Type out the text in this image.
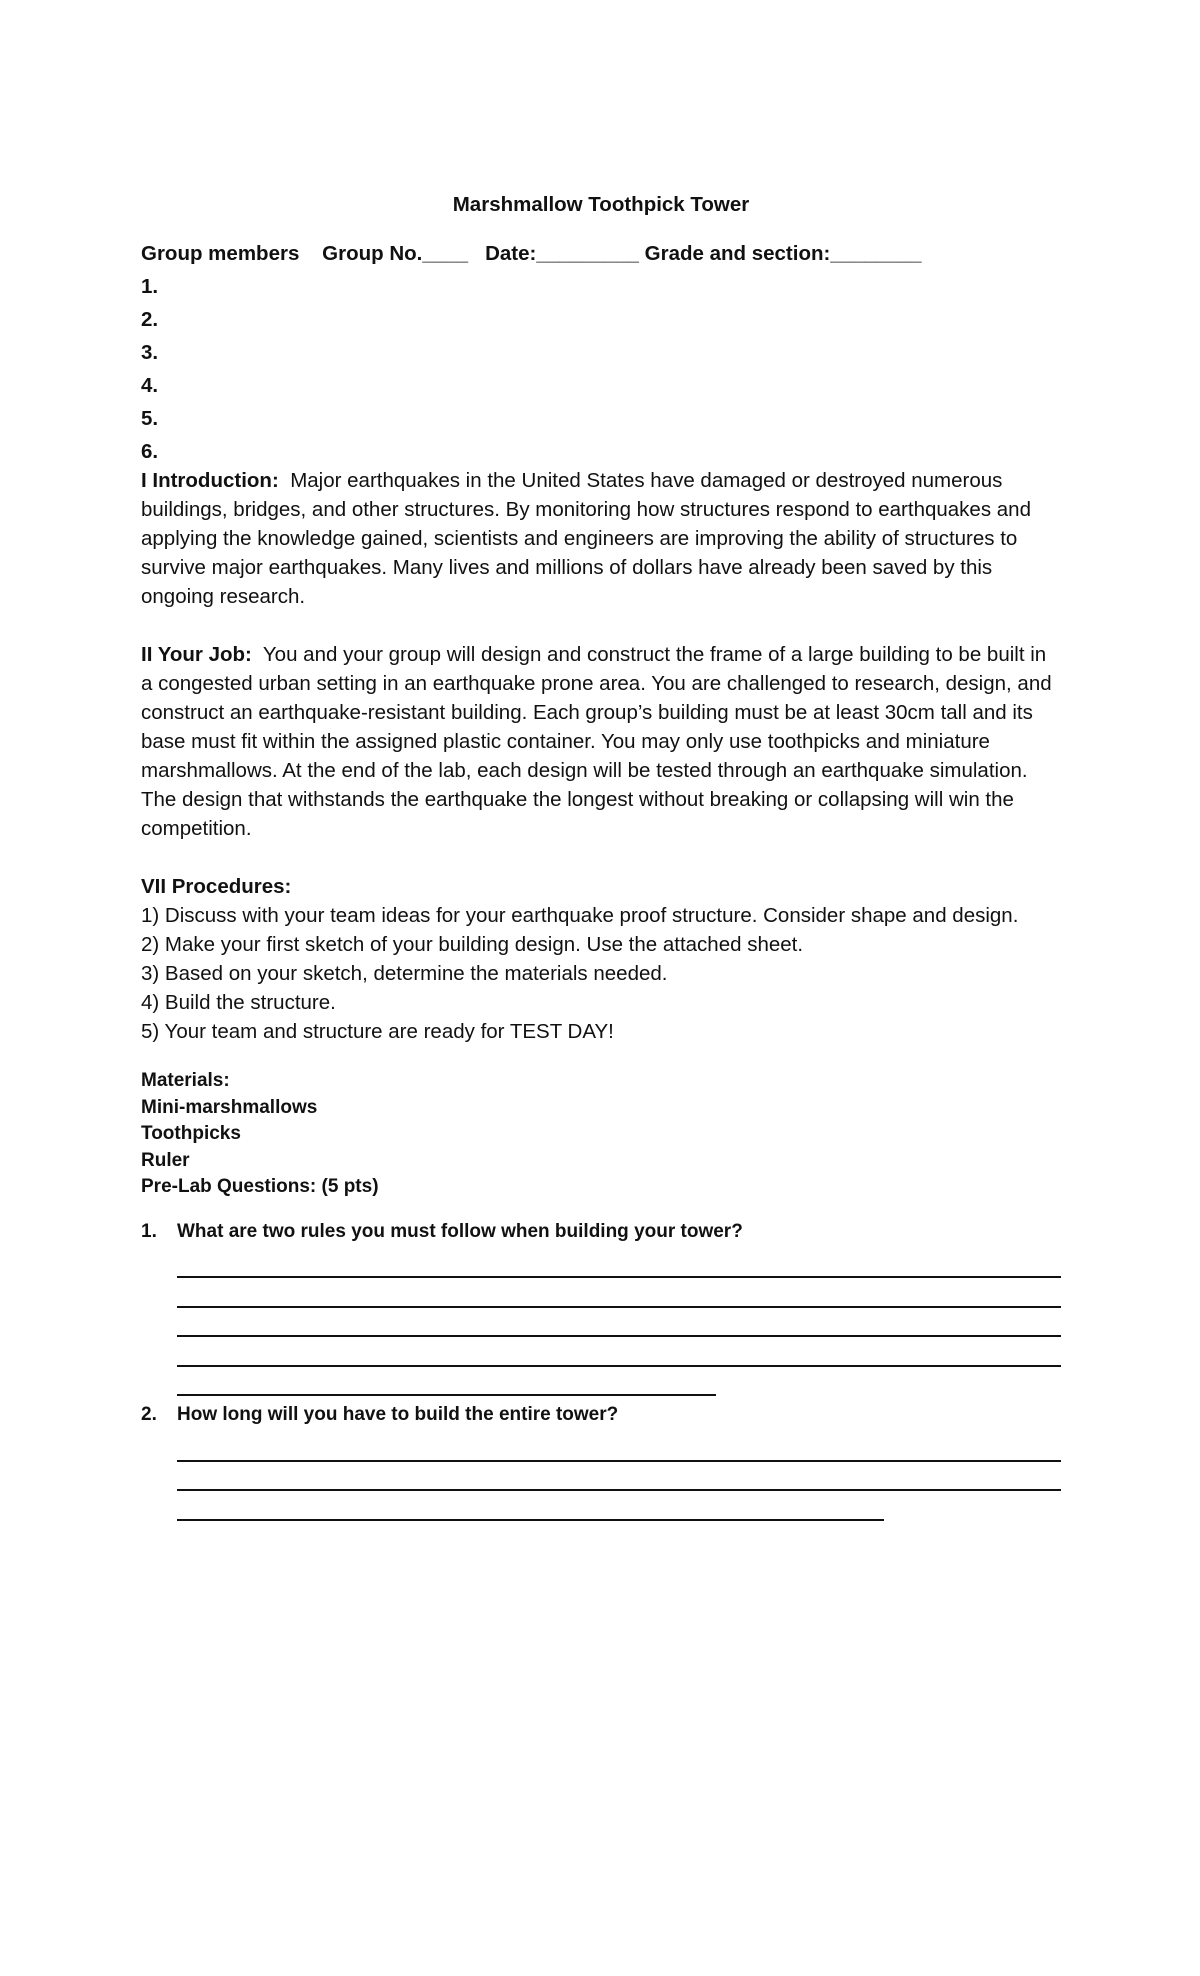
Marshmallow Toothpick Tower
Group members Group No.____ Date:_________ Grade and section:________
1.
2.
3.
4.
5.
6.

I Introduction: Major earthquakes in the United States have damaged or destroyed numerous buildings, bridges, and other structures. By monitoring how structures respond to earthquakes and applying the knowledge gained, scientists and engineers are improving the ability of structures to survive major earthquakes. Many lives and millions of dollars have already been saved by this ongoing research.

II Your Job: You and your group will design and construct the frame of a large building to be built in a congested urban setting in an earthquake prone area. You are challenged to research, design, and construct an earthquake-resistant building. Each group’s building must be at least 30cm tall and its base must fit within the assigned plastic container. You may only use toothpicks and miniature marshmallows. At the end of the lab, each design will be tested through an earthquake simulation. The design that withstands the earthquake the longest without breaking or collapsing will win the competition.

VII Procedures:
1) Discuss with your team ideas for your earthquake proof structure. Consider shape and design.
2) Make your first sketch of your building design. Use the attached sheet.
3) Based on your sketch, determine the materials needed.
4) Build the structure.
5) Your team and structure are ready for TEST DAY!
Materials:
Mini-marshmallows
Toothpicks
Ruler
Pre-Lab Questions: (5 pts)
1.	What are two rules you must follow when building your tower?
2.	How long will you have to build the entire tower?
